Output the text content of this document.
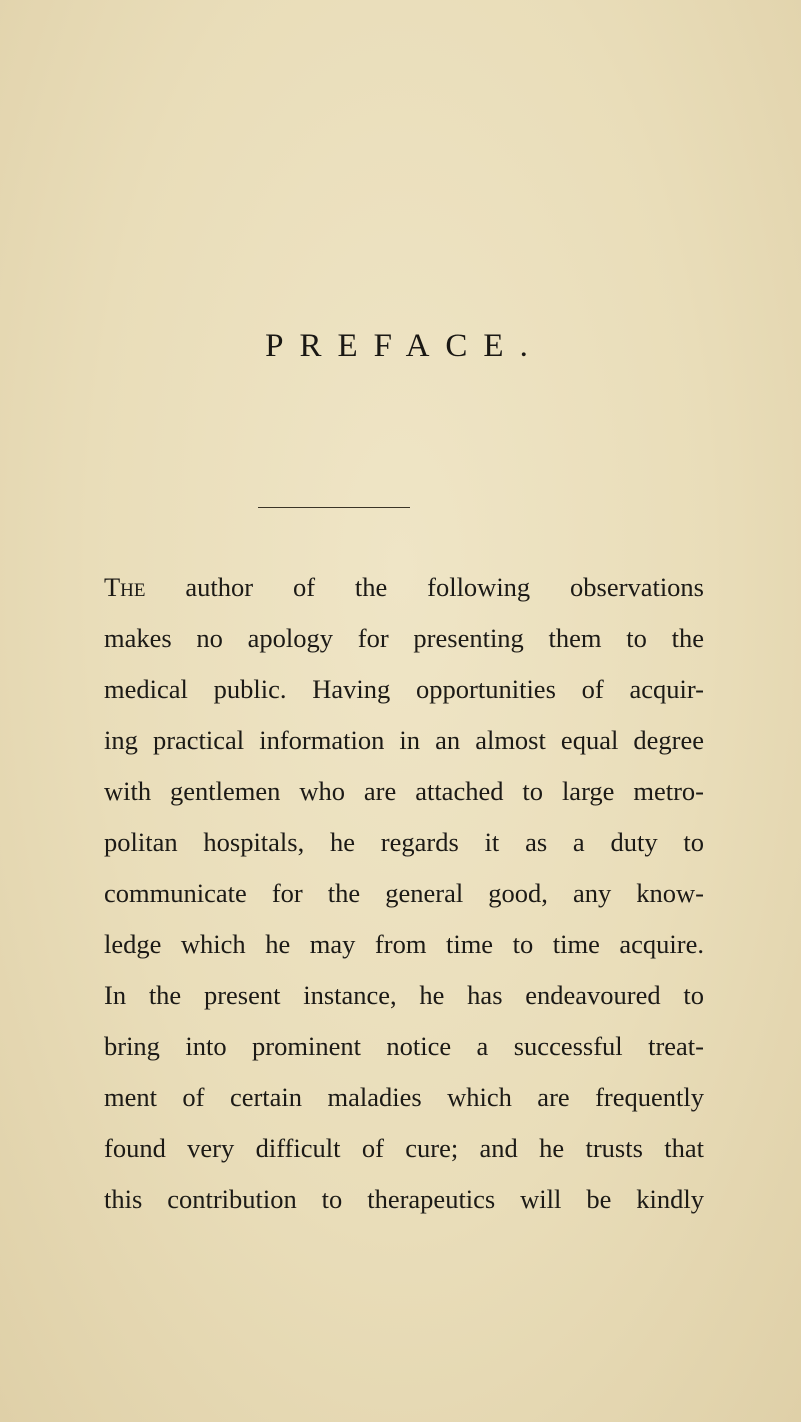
PREFACE.
The author of the following observations
makes no apology for presenting them to the
medical public. Having opportunities of acquir-
ing practical information in an almost equal degree
with gentlemen who are attached to large metro-
politan hospitals, he regards it as a duty to
communicate for the general good, any know-
ledge which he may from time to time acquire.
In the present instance, he has endeavoured to
bring into prominent notice a successful treat-
ment of certain maladies which are frequently
found very difficult of cure; and he trusts that
this contribution to therapeutics will be kindly
